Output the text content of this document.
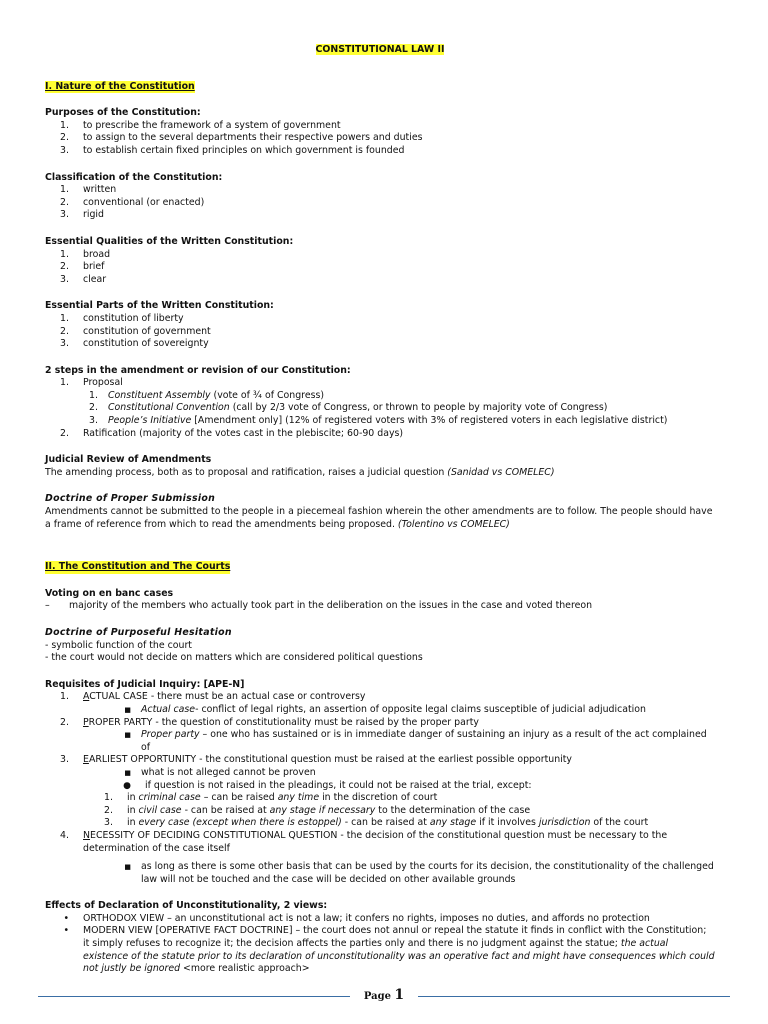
CONSTITUTIONAL LAW II
I. Nature of the Constitution
Purposes of the Constitution:
1.	to prescribe the framework of a system of government
2.	to assign to the several departments their respective powers and duties
3.	to establish certain fixed principles on which government is founded
Classification of the Constitution:
1.	written
2.	conventional (or enacted)
3.	rigid
Essential Qualities of the Written Constitution:
1.	broad
2.	brief
3.	clear
Essential Parts of the Written Constitution:
1.	constitution of liberty
2.	constitution of government
3.	constitution of sovereignty
2 steps in the amendment or revision of our Constitution:
1.	Proposal
1.	Constituent Assembly (vote of ¾ of Congress)
2.	Constitutional Convention (call by 2/3 vote of Congress, or thrown to people by majority vote of Congress)
3.	People’s Initiative [Amendment only] (12% of registered voters with 3% of registered voters in each legislative district)
2.	Ratification (majority of the votes cast in the plebiscite; 60-90 days)
Judicial Review of Amendments
The amending process, both as to proposal and ratification, raises a judicial question (Sanidad vs COMELEC)
Doctrine of Proper Submission
Amendments cannot be submitted to the people in a piecemeal fashion wherein the other amendments are to follow. The people should have a frame of reference from which to read the amendments being proposed. (Tolentino vs COMELEC)
II. The Constitution and The Courts
Voting on en banc cases
–	majority of the members who actually took part in the deliberation on the issues in the case and voted thereon
Doctrine of Purposeful Hesitation
- symbolic function of the court
- the court would not decide on matters which are considered political questions
Requisites of Judicial Inquiry: [APE-N]
1.	ACTUAL CASE - there must be an actual case or controversy
■	Actual case- conflict of legal rights, an assertion of opposite legal claims susceptible of judicial adjudication
2.	PROPER PARTY - the question of constitutionality must be raised by the proper party
■	Proper party – one who has sustained or is in immediate danger of sustaining an injury as a result of the act complained of
3.	EARLIEST OPPORTUNITY - the constitutional question must be raised at the earliest possible opportunity
■	what is not alleged cannot be proven
●	if question is not raised in the pleadings, it could not be raised at the trial, except:
1.	in criminal case – can be raised any time in the discretion of court
2.	in civil case - can be raised at any stage if necessary to the determination of the case
3.	in every case (except when there is estoppel) - can be raised at any stage if it involves jurisdiction of the court
4.	NECESSITY OF DECIDING CONSTITUTIONAL QUESTION - the decision of the constitutional question must be necessary to the determination of the case itself
■	as long as there is some other basis that can be used by the courts for its decision, the constitutionality of the challenged law will not be touched and the case will be decided on other available grounds
Effects of Declaration of Unconstitutionality, 2 views:
•	ORTHODOX VIEW – an unconstitutional act is not a law; it confers no rights, imposes no duties, and affords no protection
•	MODERN VIEW [OPERATIVE FACT DOCTRINE] – the court does not annul or repeal the statute it finds in conflict with the Constitution; it simply refuses to recognize it; the decision affects the parties only and there is no judgment against the statue; the actual existence of the statute prior to its declaration of unconstitutionality was an operative fact and might have consequences which could not justly be ignored <more realistic approach>
Page 1
